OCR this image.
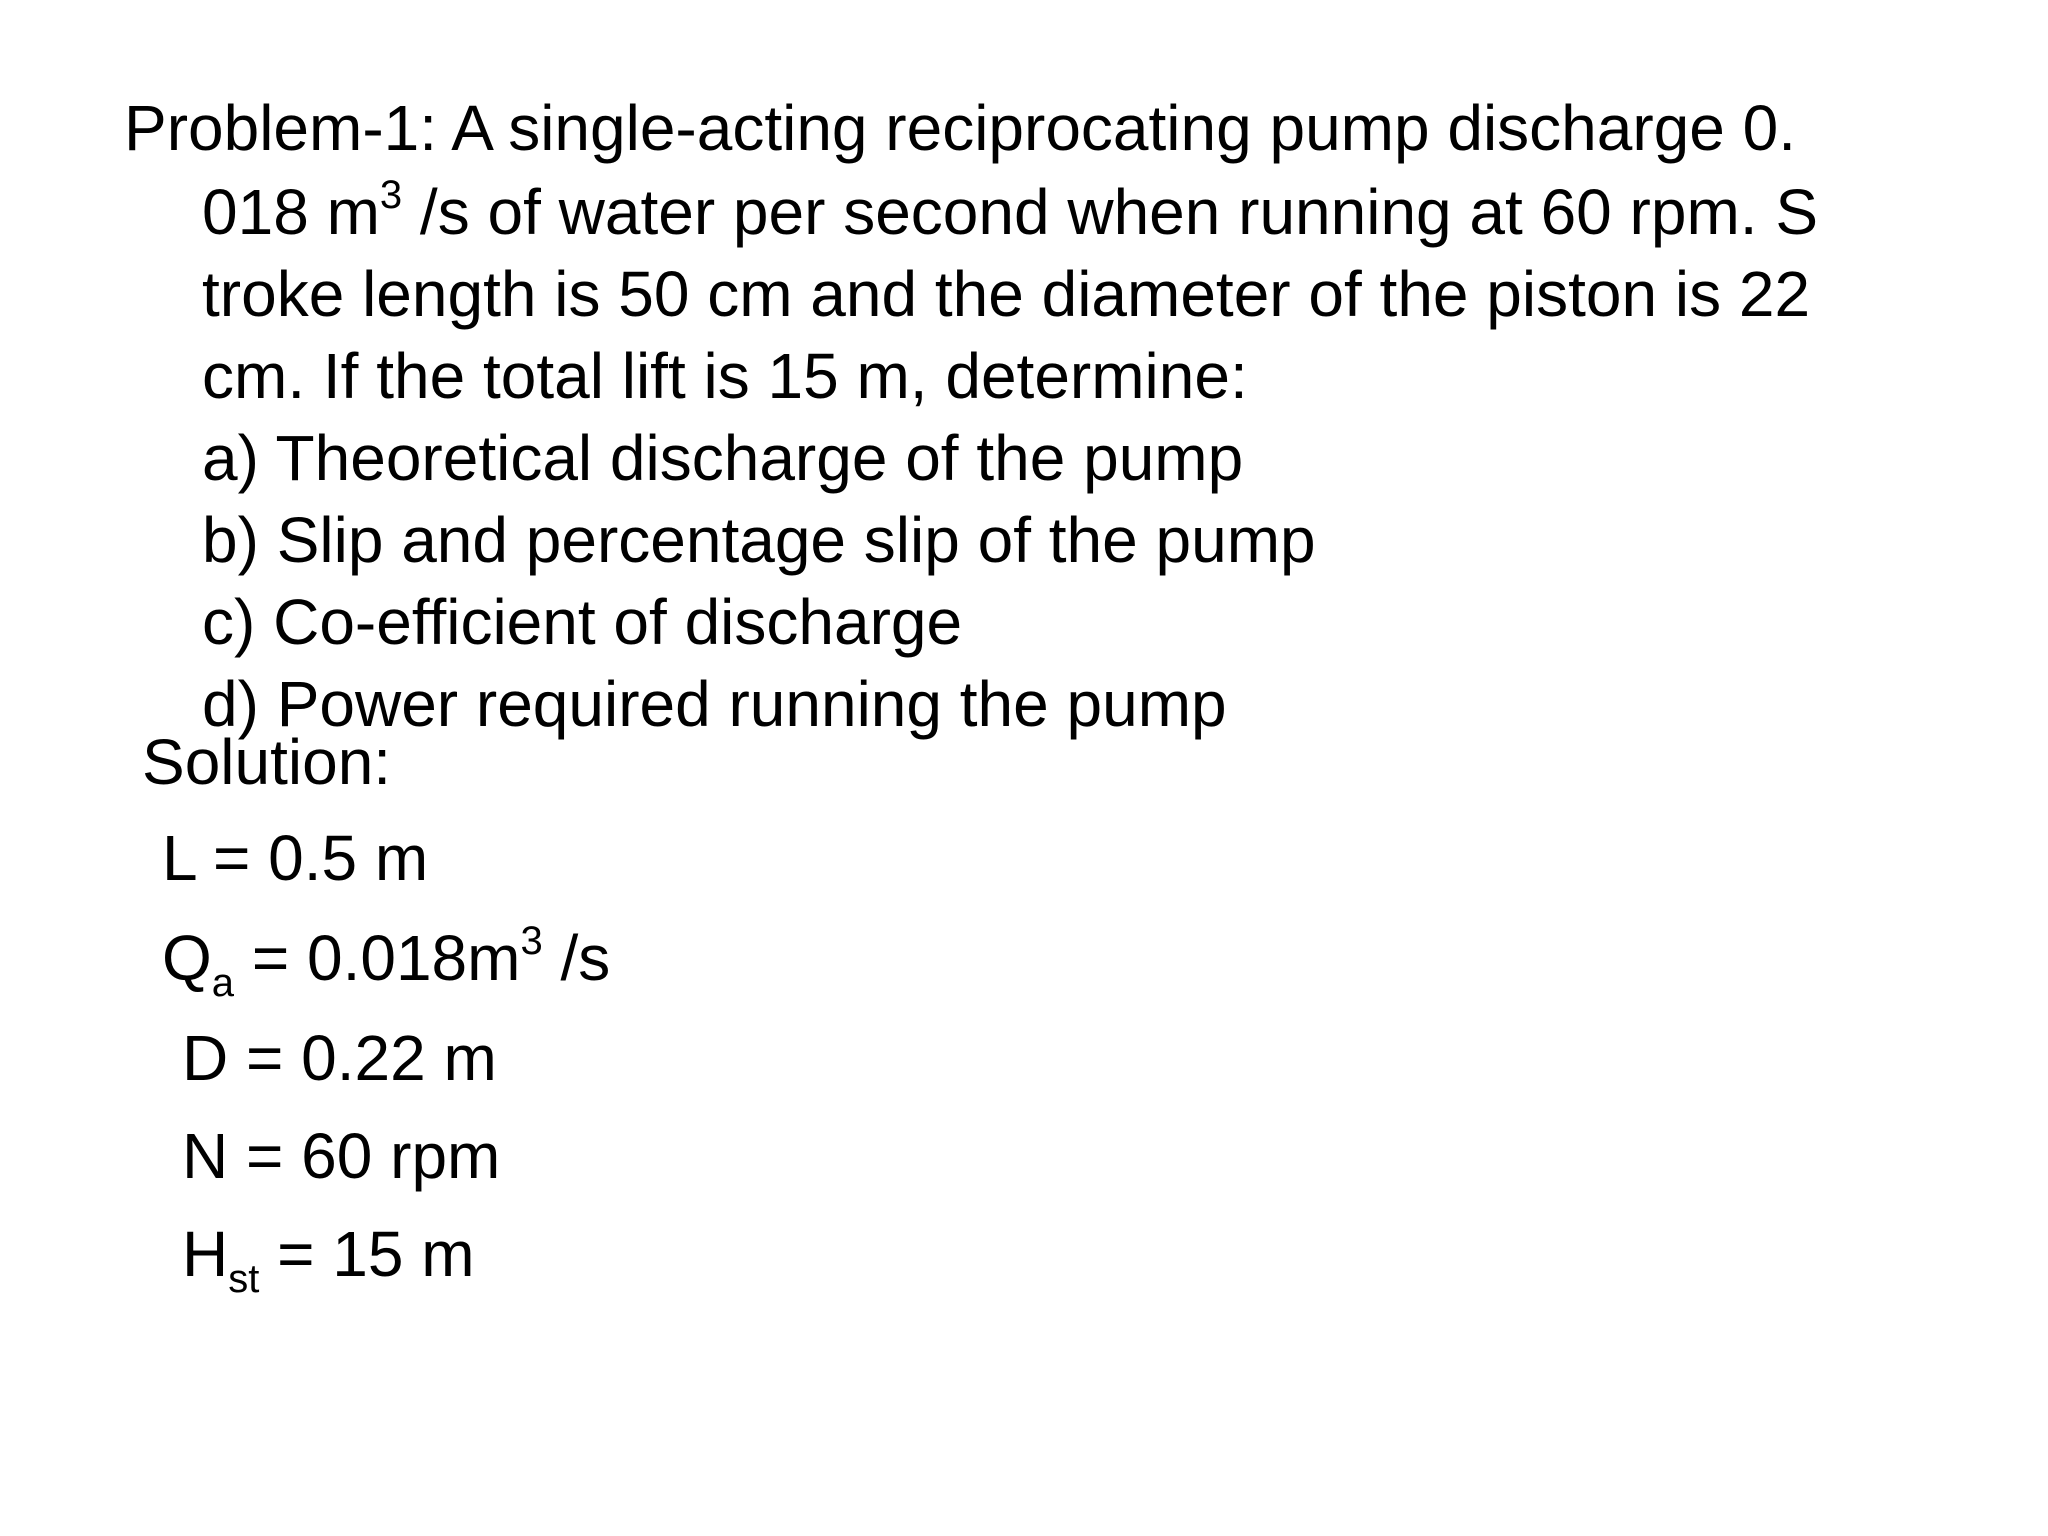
Problem-1: A single-acting reciprocating pump discharge 0.
018 $m^3$ /s of water per second when running at 60 rpm. S
troke length is 50 cm and the diameter of the piston is 22
cm. If the total lift is 15 m, determine:
a) Theoretical discharge of the pump
b) Slip and percentage slip of the pump
c) Co-efficient of discharge
d) Power required running the pump
Solution:
L = 0.5 m
$Q_a = 0.018m^3$ /s
D = 0.22 m
N = 60 rpm
$H_{st} = 15$ m
